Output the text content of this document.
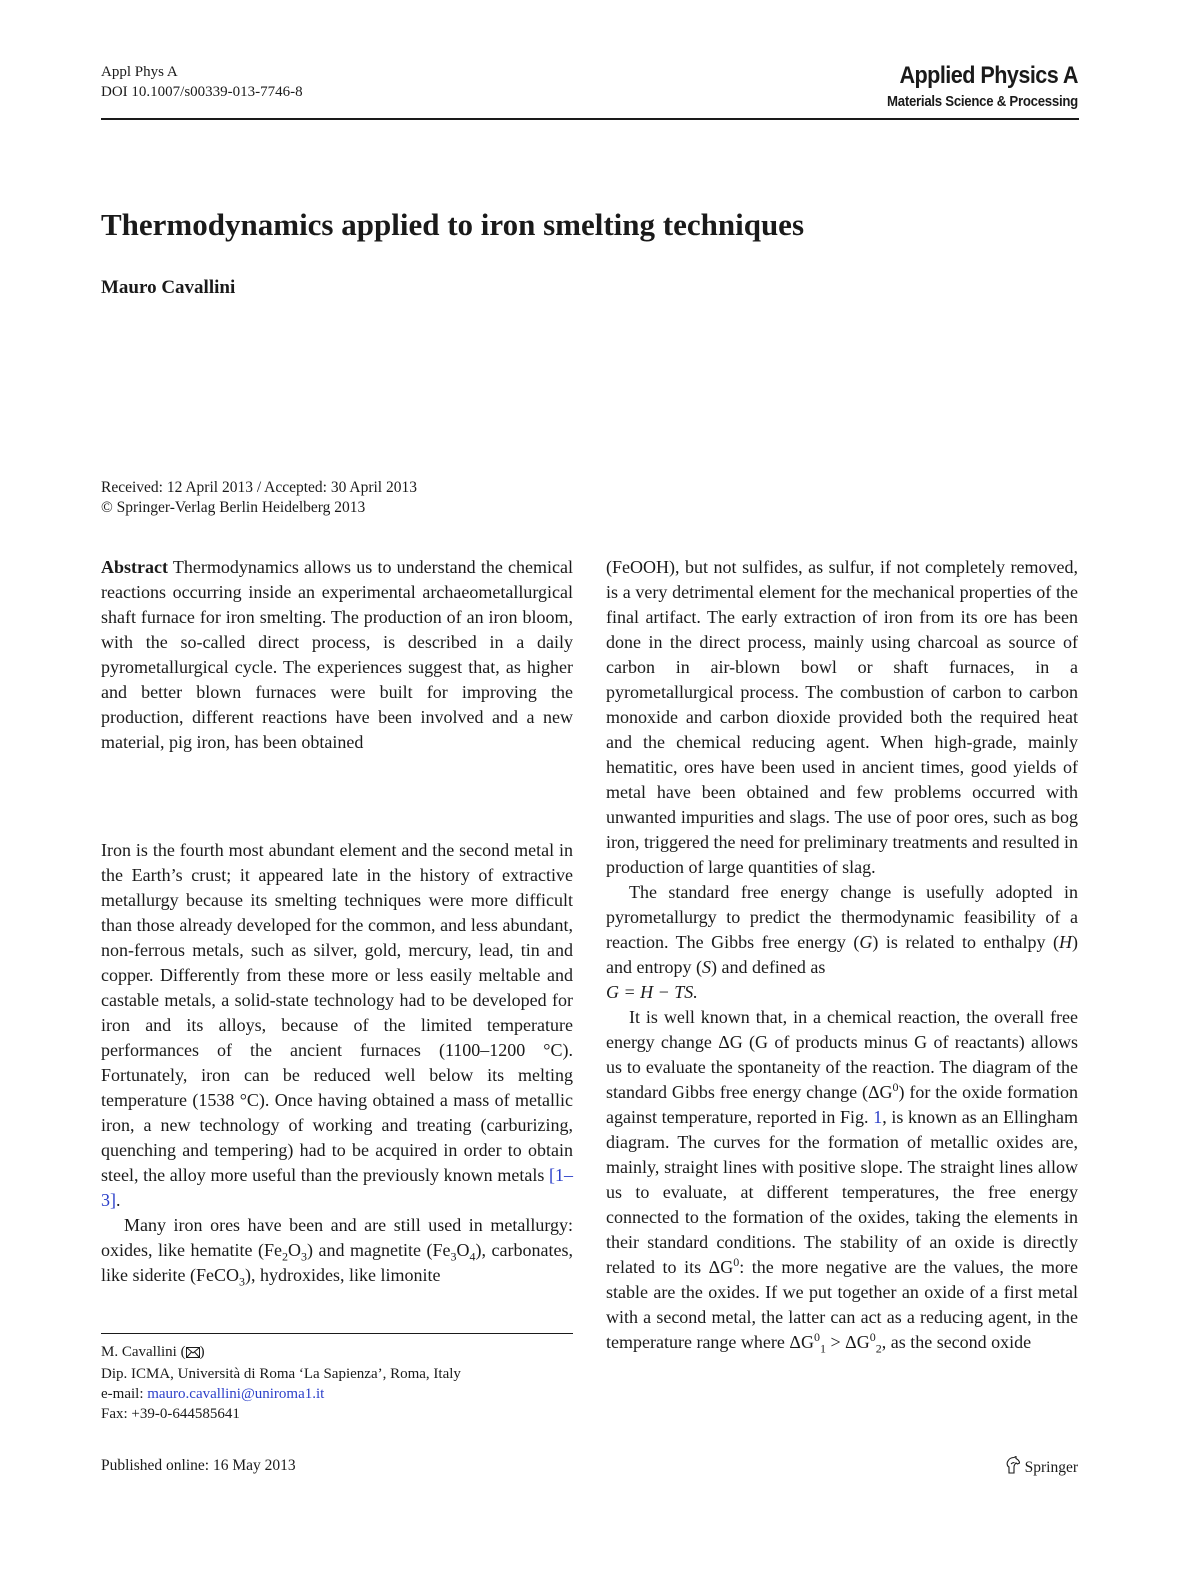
Appl Phys A
DOI 10.1007/s00339-013-7746-8
Applied Physics A
Materials Science & Processing
Thermodynamics applied to iron smelting techniques
Mauro Cavallini
Received: 12 April 2013 / Accepted: 30 April 2013
© Springer-Verlag Berlin Heidelberg 2013

Abstract Thermodynamics allows us to understand the chemical reactions occurring inside an experimental archaeometallurgical shaft furnace for iron smelting. The production of an iron bloom, with the so-called direct process, is described in a daily pyrometallurgical cycle. The experiences suggest that, as higher and better blown furnaces were built for improving the production, different reactions have been involved and a new material, pig iron, has been obtained

Iron is the fourth most abundant element and the second metal in the Earth’s crust; it appeared late in the history of extractive metallurgy because its smelting techniques were more difficult than those already developed for the common, and less abundant, non-ferrous metals, such as silver, gold, mercury, lead, tin and copper. Differently from these more or less easily meltable and castable metals, a solid-state technology had to be developed for iron and its alloys, because of the limited temperature performances of the ancient furnaces (1100–1200 °C). Fortunately, iron can be reduced well below its melting temperature (1538 °C). Once having obtained a mass of metallic iron, a new technology of working and treating (carburizing, quenching and tempering) had to be acquired in order to obtain steel, the alloy more useful than the previously known metals [1–3].

Many iron ores have been and are still used in metallurgy: oxides, like hematite $(Fe_2O_3)$ and magnetite $(Fe_3O_4)$, carbonates, like siderite (FeCO$_3$), hydroxides, like limonite

(FeOOH), but not sulfides, as sulfur, if not completely removed, is a very detrimental element for the mechanical properties of the final artifact. The early extraction of iron from its ore has been done in the direct process, mainly using charcoal as source of carbon in air-blown bowl or shaft furnaces, in a pyrometallurgical process. The combustion of carbon to carbon monoxide and carbon dioxide provided both the required heat and the chemical reducing agent. When high-grade, mainly hematitic, ores have been used in ancient times, good yields of metal have been obtained and few problems occurred with unwanted impurities and slags. The use of poor ores, such as bog iron, triggered the need for preliminary treatments and resulted in production of large quantities of slag.

The standard free energy change is usefully adopted in pyrometallurgy to predict the thermodynamic feasibility of a reaction. The Gibbs free energy (G) is related to enthalpy (H) and entropy (S) and defined as

G = H − TS.

It is well known that, in a chemical reaction, the overall free energy change ΔG (G of products minus G of reactants) allows us to evaluate the spontaneity of the reaction. The diagram of the standard Gibbs free energy change $(\Delta G^0)$ for the oxide formation against temperature, reported in Fig. 1, is known as an Ellingham diagram. The curves for the formation of metallic oxides are, mainly, straight lines with positive slope. The straight lines allow us to evaluate, at different temperatures, the free energy connected to the formation of the oxides, taking the elements in their standard conditions. The stability of an oxide is directly related to its $\Delta G^0$: the more negative are the values, the more stable are the oxides. If we put together an oxide of a first metal with a second metal, the latter can act as a reducing agent, in the temperature range where $\Delta G^0_1 > \Delta G^0_2$, as the second oxide

M. Cavallini ( )
Dip. ICMA, Università di Roma ‘La Sapienza’, Roma, Italy
e-mail: mauro.cavallini@uniroma1.it
Fax: +39-0-644585641
Published online: 16 May 2013	Springer
